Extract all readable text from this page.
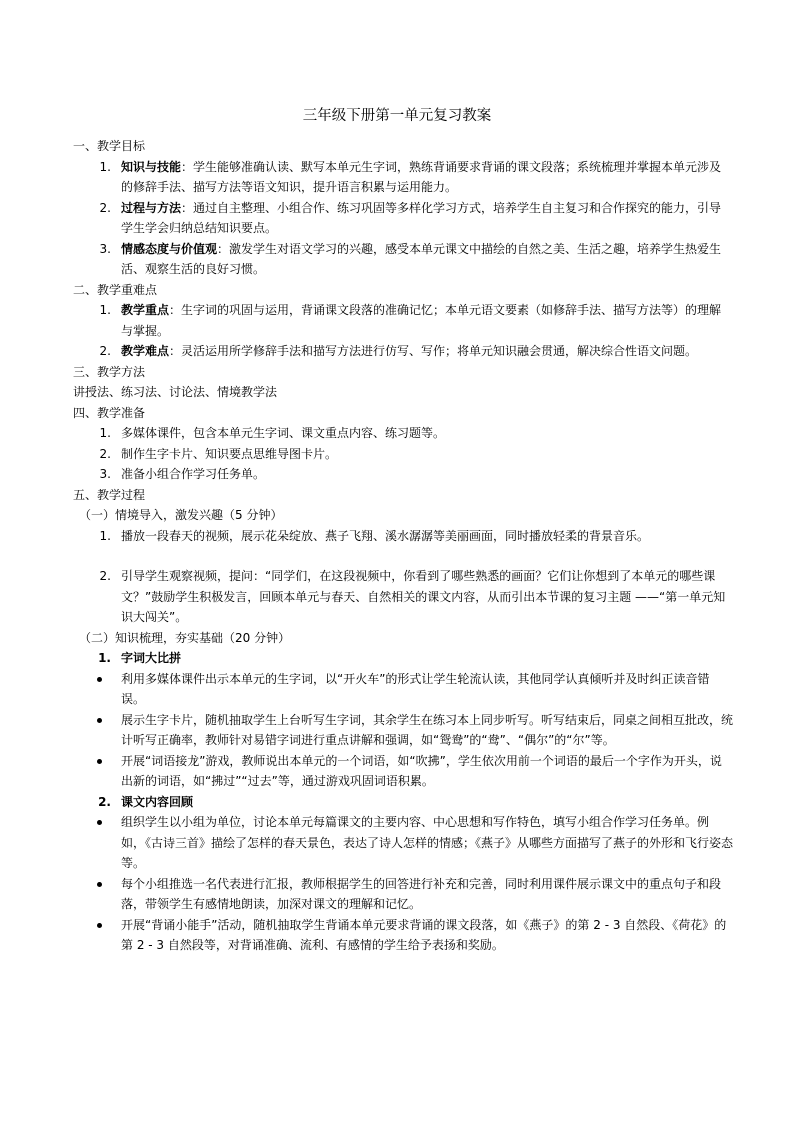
三年级下册第一单元复习教案

一、教学目标

1. 知识与技能：学生能够准确认读、默写本单元生字词，熟练背诵要求背诵的课文段落；系统梳理并掌握本单元涉及的修辞手法、描写方法等语文知识，提升语言积累与运用能力。
2. 过程与方法：通过自主整理、小组合作、练习巩固等多样化学习方式，培养学生自主复习和合作探究的能力，引导学生学会归纳总结知识要点。
3. 情感态度与价值观：激发学生对语文学习的兴趣，感受本单元课文中描绘的自然之美、生活之趣，培养学生热爱生活、观察生活的良好习惯。

二、教学重难点

1. 教学重点：生字词的巩固与运用，背诵课文段落的准确记忆；本单元语文要素（如修辞手法、描写方法等）的理解与掌握。
2. 教学难点：灵活运用所学修辞手法和描写方法进行仿写、写作；将单元知识融会贯通，解决综合性语文问题。

三、教学方法

讲授法、练习法、讨论法、情境教学法

四、教学准备

1. 多媒体课件，包含本单元生字词、课文重点内容、练习题等。
2. 制作生字卡片、知识要点思维导图卡片。
3. 准备小组合作学习任务单。

五、教学过程

（一）情境导入，激发兴趣（5 分钟）

1. 播放一段春天的视频，展示花朵绽放、燕子飞翔、溪水潺潺等美丽画面，同时播放轻柔的背景音乐。
2. 引导学生观察视频，提问：“同学们，在这段视频中，你看到了哪些熟悉的画面？它们让你想到了本单元的哪些课文？”鼓励学生积极发言，回顾本单元与春天、自然相关的课文内容，从而引出本节课的复习主题 ——“第一单元知识大闯关”。

（二）知识梳理，夯实基础（20 分钟）

1. 字词大比拼
利用多媒体课件出示本单元的生字词，以“开火车”的形式让学生轮流认读，其他同学认真倾听并及时纠正读音错误。
展示生字卡片，随机抽取学生上台听写生字词，其余学生在练习本上同步听写。听写结束后，同桌之间相互批改，统计听写正确率，教师针对易错字词进行重点讲解和强调，如“鸳鸯”的“鸯”、“偶尔”的“尔”等。
开展“词语接龙”游戏，教师说出本单元的一个词语，如“吹拂”，学生依次用前一个词语的最后一个字作为开头，说出新的词语，如“拂过”“过去”等，通过游戏巩固词语积累。
2. 课文内容回顾
组织学生以小组为单位，讨论本单元每篇课文的主要内容、中心思想和写作特色，填写小组合作学习任务单。例如，《古诗三首》描绘了怎样的春天景色，表达了诗人怎样的情感；《燕子》从哪些方面描写了燕子的外形和飞行姿态等。
每个小组推选一名代表进行汇报，教师根据学生的回答进行补充和完善，同时利用课件展示课文中的重点句子和段落，带领学生有感情地朗读，加深对课文的理解和记忆。
开展“背诵小能手”活动，随机抽取学生背诵本单元要求背诵的课文段落，如《燕子》的第 2 - 3 自然段、《荷花》的第 2 - 3 自然段等，对背诵准确、流利、有感情的学生给予表扬和奖励。
